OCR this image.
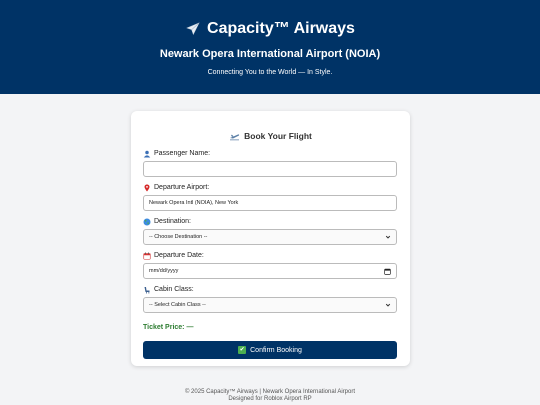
Capacity™ Airways
Newark Opera International Airport (NOIA)
Connecting You to the World — In Style.
Book Your Flight
Passenger Name:
Departure Airport:
Newark Opera Intl (NOIA), New York
Destination:
-- Choose Destination --
Departure Date:
mm/dd/yyyy
Cabin Class:
-- Select Cabin Class --
Ticket Price: —
✔ Confirm Booking
© 2025 Capacity™ Airways | Newark Opera International Airport
Designed for Roblox Airport RP
